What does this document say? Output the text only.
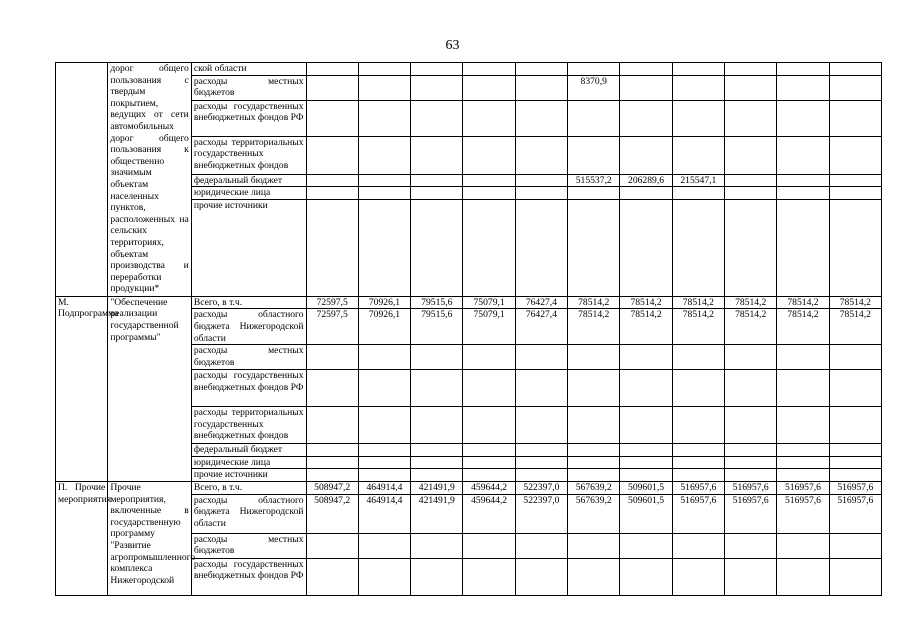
63
	дорог общего пользования с твердым покрытием, ведущих от сети автомобильных дорог общего пользования к общественно значимым объектам населенных пунктов, расположенных на сельских территориях, объектам производства и переработки продукции*	ской области											
		расходы местных бюджетов						8370,9					
		расходы государственных внебюджетных фондов РФ											
		расходы территориальных государственных внебюджетных фондов											
		федеральный бюджет						515537,2	206289,6	215547,1			
		юридические лица											
		прочие источники											
М. Подпрограмма	"Обеспечение реализации государственной программы"	Всего, в т.ч.	72597,5	70926,1	79515,6	75079,1	76427,4	78514,2	78514,2	78514,2	78514,2	78514,2	78514,2
		расходы областного бюджета Нижегородской области	72597,5	70926,1	79515,6	75079,1	76427,4	78514,2	78514,2	78514,2	78514,2	78514,2	78514,2
		расходы местных бюджетов											
		расходы государственных внебюджетных фондов РФ											
		расходы территориальных государственных внебюджетных фондов											
		федеральный бюджет											
		юридические лица											
		прочие источники											
П. Прочие мероприятия	Прочие мероприятия, включенные в государственную программу "Развитие агропромышленного комплекса Нижегородской	Всего, в т.ч.	508947,2	464914,4	421491,9	459644,2	522397,0	567639,2	509601,5	516957,6	516957,6	516957,6	516957,6
		расходы областного бюджета Нижегородской области	508947,2	464914,4	421491,9	459644,2	522397,0	567639,2	509601,5	516957,6	516957,6	516957,6	516957,6
		расходы местных бюджетов											
		расходы государственных внебюджетных фондов РФ											
